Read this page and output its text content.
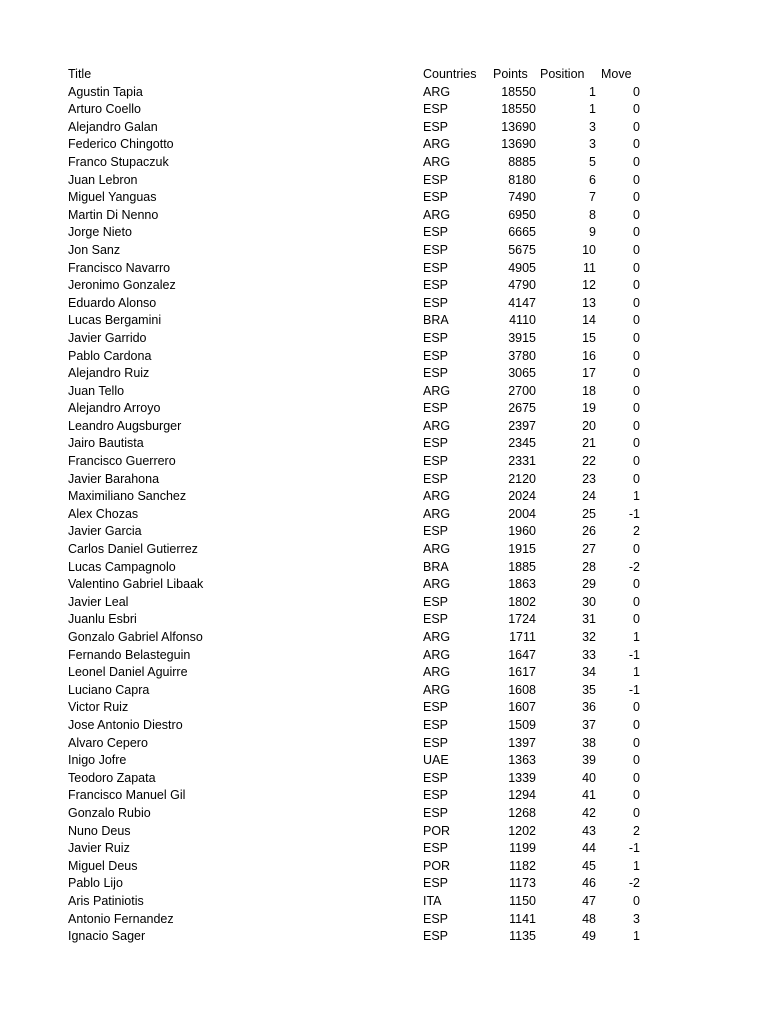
Title	Countries Points Position Move
Agustin Tapia	ARG	18550	1	0
Arturo Coello	ESP	18550	1	0
Alejandro Galan	ESP	13690	3	0
Federico Chingotto	ARG	13690	3	0
Franco Stupaczuk	ARG	8885	5	0
Juan Lebron	ESP	8180	6	0
Miguel Yanguas	ESP	7490	7	0
Martin Di Nenno	ARG	6950	8	0
Jorge Nieto	ESP	6665	9	0
Jon Sanz	ESP	5675	10	0
Francisco Navarro	ESP	4905	11	0
Jeronimo Gonzalez	ESP	4790	12	0
Eduardo Alonso	ESP	4147	13	0
Lucas Bergamini	BRA	4110	14	0
Javier Garrido	ESP	3915	15	0
Pablo Cardona	ESP	3780	16	0
Alejandro Ruiz	ESP	3065	17	0
Juan Tello	ARG	2700	18	0
Alejandro Arroyo	ESP	2675	19	0
Leandro Augsburger	ARG	2397	20	0
Jairo Bautista	ESP	2345	21	0
Francisco Guerrero	ESP	2331	22	0
Javier Barahona	ESP	2120	23	0
Maximiliano Sanchez	ARG	2024	24	1
Alex Chozas	ARG	2004	25	-1
Javier Garcia	ESP	1960	26	2
Carlos Daniel Gutierrez	ARG	1915	27	0
Lucas Campagnolo	BRA	1885	28	-2
Valentino Gabriel Libaak	ARG	1863	29	0
Javier Leal	ESP	1802	30	0
Juanlu Esbri	ESP	1724	31	0
Gonzalo Gabriel Alfonso	ARG	1711	32	1
Fernando Belasteguin	ARG	1647	33	-1
Leonel Daniel Aguirre	ARG	1617	34	1
Luciano Capra	ARG	1608	35	-1
Victor Ruiz	ESP	1607	36	0
Jose Antonio Diestro	ESP	1509	37	0
Alvaro Cepero	ESP	1397	38	0
Inigo Jofre	UAE	1363	39	0
Teodoro Zapata	ESP	1339	40	0
Francisco Manuel Gil	ESP	1294	41	0
Gonzalo Rubio	ESP	1268	42	0
Nuno Deus	POR	1202	43	2
Javier Ruiz	ESP	1199	44	-1
Miguel Deus	POR	1182	45	1
Pablo Lijo	ESP	1173	46	-2
Aris Patiniotis	ITA	1150	47	0
Antonio Fernandez	ESP	1141	48	3
Ignacio Sager	ESP	1135	49	1
